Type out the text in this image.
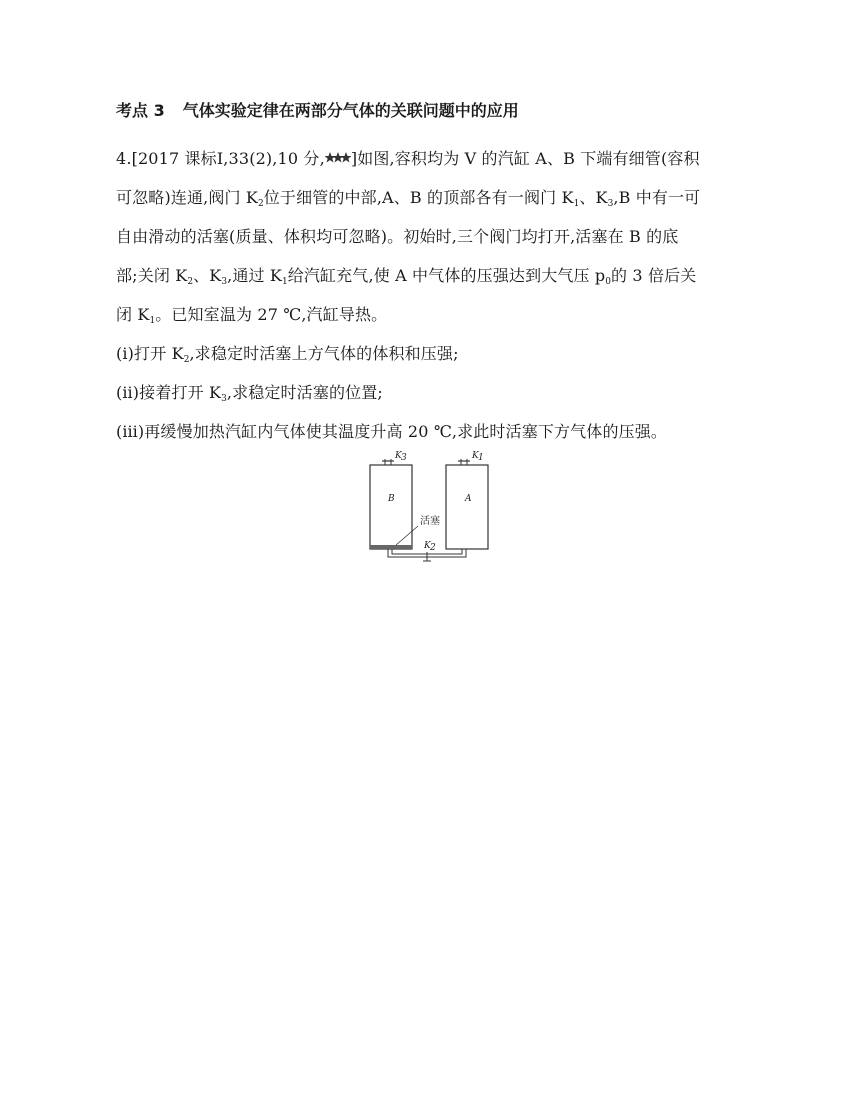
考点 3 气体实验定律在两部分气体的关联问题中的应用
4.[2017 课标Ⅰ,33(2),10 分, ]如图,容积均为 V 的汽缸 A、B 下端有细管(容积
可忽略)连通,阀门 $K_2$位于细管的中部,A、B 的顶部各有一阀门 $K_1$、$K_3,B$ 中有一可
自由滑动的活塞(质量、体积均可忽略)。初始时,三个阀门均打开,活塞在 B 的底
部;关闭 $K_2$、$K_3$,通过 $K_1$给汽缸充气,使 A 中气体的压强达到大气压 $p_0$的 3 倍后关
闭 $K_1$。已知室温为 27 ℃,汽缸导热。
(ⅰ)打开 $K_2$,求稳定时活塞上方气体的体积和压强;
(ⅱ)接着打开 $K_3$,求稳定时活塞的位置;
(ⅲ)再缓慢加热汽缸内气体使其温度升高 20 ℃,求此时活塞下方气体的压强。
B	A
活塞
K 3	K 1
K 2
